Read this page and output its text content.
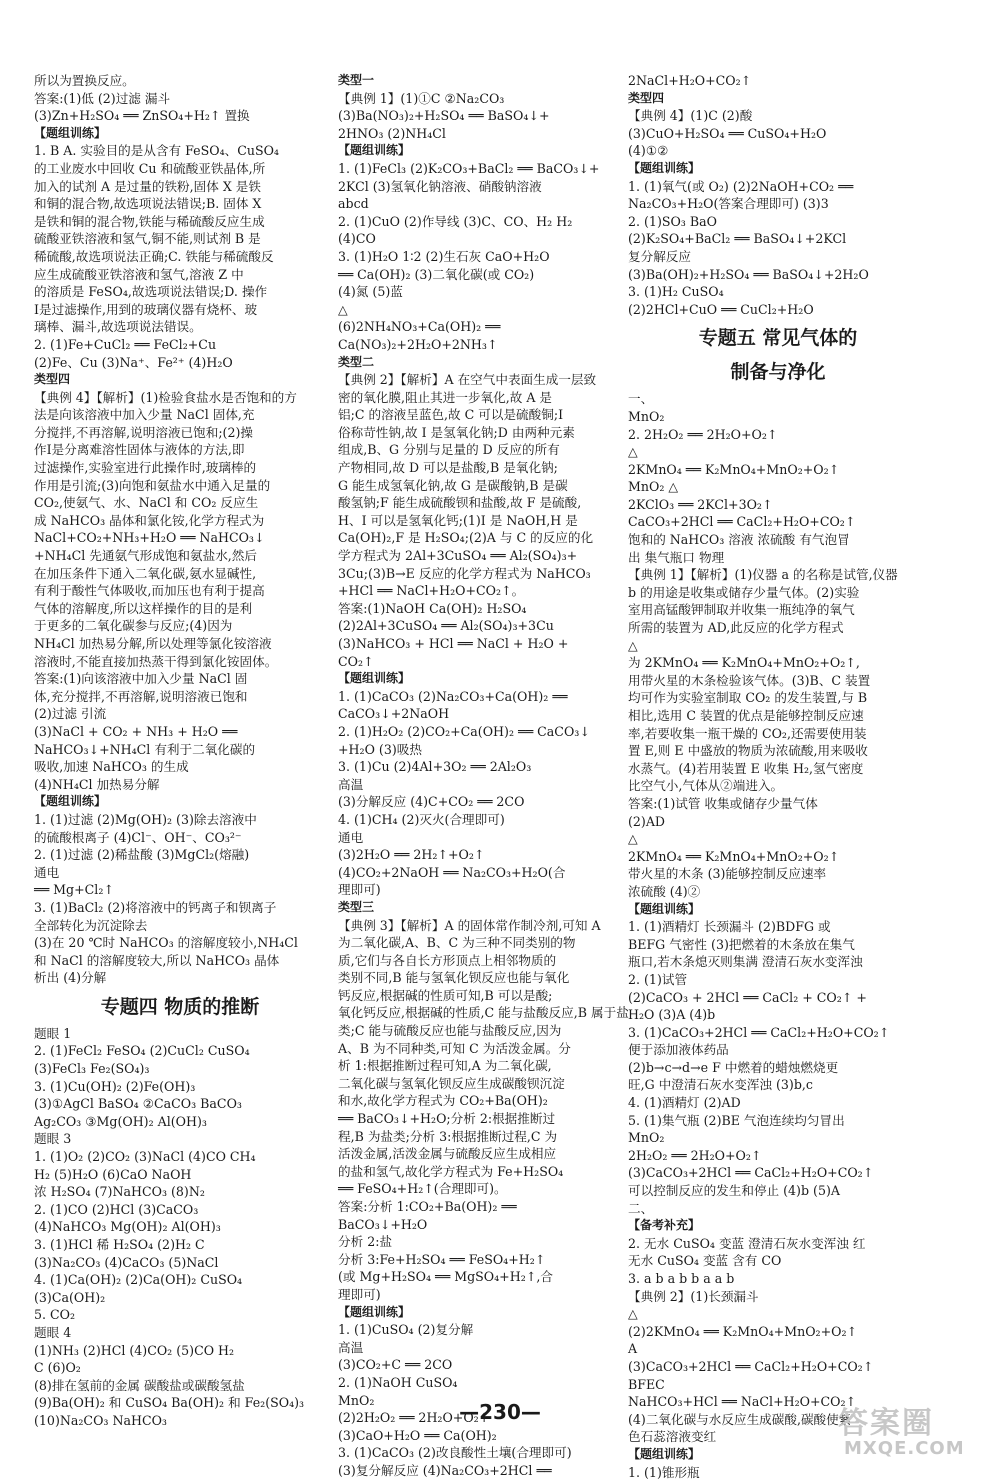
所以为置换反应。
答案:(1)低 (2)过滤 漏斗
(3)Zn+H₂SO₄ ══ ZnSO₄+H₂↑ 置换
【题组训练】
1. B A. 实验目的是从含有 FeSO₄、CuSO₄
的工业废水中回收 Cu 和硫酸亚铁晶体,所
加入的试剂 A 是过量的铁粉,固体 X 是铁
和铜的混合物,故选项说法错误;B. 固体 X
是铁和铜的混合物,铁能与稀硫酸反应生成
硫酸亚铁溶液和氢气,铜不能,则试剂 B 是
稀硫酸,故选项说法正确;C. 铁能与稀硫酸反
应生成硫酸亚铁溶液和氢气,溶液 Z 中
的溶质是 FeSO₄,故选项说法错误;D. 操作
Ⅰ是过滤操作,用到的玻璃仪器有烧杯、玻
璃棒、漏斗,故选项说法错误。
2. (1)Fe+CuCl₂ ══ FeCl₂+Cu
(2)Fe、Cu (3)Na⁺、Fe²⁺ (4)H₂O
类型四
【典例 4】【解析】(1)检验食盐水是否饱和的方
法是向该溶液中加入少量 NaCl 固体,充
分搅拌,不再溶解,说明溶液已饱和;(2)操
作Ⅰ是分离难溶性固体与液体的方法,即
过滤操作,实验室进行此操作时,玻璃棒的
作用是引流;(3)向饱和氨盐水中通入足量的
CO₂,使氨气、水、NaCl 和 CO₂ 反应生
成 NaHCO₃ 晶体和氯化铵,化学方程式为
NaCl+CO₂+NH₃+H₂O ══ NaHCO₃↓
+NH₄Cl 先通氨气形成饱和氨盐水,然后
在加压条件下通入二氧化碳,氨水显碱性,
有利于酸性气体吸收,而加压也有利于提高
气体的溶解度,所以这样操作的目的是利
于更多的二氧化碳参与反应;(4)因为
NH₄Cl 加热易分解,所以处理等氯化铵溶液
溶液时,不能直接加热蒸干得到氯化铵固体。
答案:(1)向该溶液中加入少量 NaCl 固
体,充分搅拌,不再溶解,说明溶液已饱和
(2)过滤 引流
(3)NaCl + CO₂ + NH₃ + H₂O ══
NaHCO₃↓+NH₄Cl 有利于二氧化碳的
吸收,加速 NaHCO₃ 的生成
(4)NH₄Cl 加热易分解
【题组训练】
1. (1)过滤 (2)Mg(OH)₂ (3)除去溶液中
的硫酸根离子 (4)Cl⁻、OH⁻、CO₃²⁻
2. (1)过滤 (2)稀盐酸 (3)MgCl₂(熔融)
通电
══ Mg+Cl₂↑
3. (1)BaCl₂ (2)将溶液中的钙离子和钡离子
全部转化为沉淀除去
(3)在 20 ℃时 NaHCO₃ 的溶解度较小,NH₄Cl
和 NaCl 的溶解度较大,所以 NaHCO₃ 晶体
析出 (4)分解
专题四 物质的推断
题眼 1
2. (1)FeCl₂ FeSO₄ (2)CuCl₂ CuSO₄
(3)FeCl₃ Fe₂(SO₄)₃
3. (1)Cu(OH)₂ (2)Fe(OH)₃
(3)①AgCl BaSO₄ ②CaCO₃ BaCO₃
Ag₂CO₃ ③Mg(OH)₂ Al(OH)₃
题眼 3
1. (1)O₂ (2)CO₂ (3)NaCl (4)CO CH₄
H₂ (5)H₂O (6)CaO NaOH
浓 H₂SO₄ (7)NaHCO₃ (8)N₂
2. (1)CO (2)HCl (3)CaCO₃
(4)NaHCO₃ Mg(OH)₂ Al(OH)₃
3. (1)HCl 稀 H₂SO₄ (2)H₂ C
(3)Na₂CO₃ (4)CaCO₃ (5)NaCl
4. (1)Ca(OH)₂ (2)Ca(OH)₂ CuSO₄
(3)Ca(OH)₂
5. CO₂
题眼 4
(1)NH₃ (2)HCl (4)CO₂ (5)CO H₂
C (6)O₂
(8)排在氢前的金属 碳酸盐或碳酸氢盐
(9)Ba(OH)₂ 和 CuSO₄ Ba(OH)₂ 和 Fe₂(SO₄)₃
(10)Na₂CO₃ NaHCO₃
类型一
【典例 1】(1)①C ②Na₂CO₃
(3)Ba(NO₃)₂+H₂SO₄ ══ BaSO₄↓+
2HNO₃ (2)NH₄Cl
【题组训练】
1. (1)FeCl₃ (2)K₂CO₃+BaCl₂ ══ BaCO₃↓+
2KCl (3)氢氧化钠溶液、硝酸钠溶液
abcd
2. (1)CuO (2)作导线 (3)C、CO、H₂ H₂
(4)CO
3. (1)H₂O 1∶2 (2)生石灰 CaO+H₂O
══ Ca(OH)₂ (3)二氧化碳(或 CO₂)
(4)氮 (5)蓝
△
(6)2NH₄NO₃+Ca(OH)₂ ══
Ca(NO₃)₂+2H₂O+2NH₃↑
类型二
【典例 2】【解析】A 在空气中表面生成一层致
密的氧化膜,阻止其进一步氧化,故 A 是
铝;C 的溶液呈蓝色,故 C 可以是硫酸铜;I
俗称苛性钠,故 I 是氢氧化钠;D 由两种元素
组成,B、G 分别与足量的 D 反应的所有
产物相同,故 D 可以是盐酸,B 是氧化钠;
G 能生成氢氧化钠,故 G 是碳酸钠,B 是碳
酸氢钠;F 能生成硫酸钡和盐酸,故 F 是硫酸,
H、I 可以是氢氧化钙;(1)I 是 NaOH,H 是
Ca(OH)₂,F 是 H₂SO₄;(2)A 与 C 的反应的化
学方程式为 2Al+3CuSO₄ ══ Al₂(SO₄)₃+
3Cu;(3)B→E 反应的化学方程式为 NaHCO₃
+HCl ══ NaCl+H₂O+CO₂↑。
答案:(1)NaOH Ca(OH)₂ H₂SO₄
(2)2Al+3CuSO₄ ══ Al₂(SO₄)₃+3Cu
(3)NaHCO₃ + HCl ══ NaCl + H₂O +
CO₂↑
【题组训练】
1. (1)CaCO₃ (2)Na₂CO₃+Ca(OH)₂ ══
CaCO₃↓+2NaOH
2. (1)H₂O₂ (2)CO₂+Ca(OH)₂ ══ CaCO₃↓
+H₂O (3)吸热
3. (1)Cu (2)4Al+3O₂ ══ 2Al₂O₃
高温
(3)分解反应 (4)C+CO₂ ══ 2CO
4. (1)CH₄ (2)灭火(合理即可)
通电
(3)2H₂O ══ 2H₂↑+O₂↑
(4)CO₂+2NaOH ══ Na₂CO₃+H₂O(合
理即可)
类型三
【典例 3】【解析】A 的固体常作制冷剂,可知 A
为二氧化碳,A、B、C 为三种不同类别的物
质,它们与各自长方形顶点上相邻物质的
类别不同,B 能与氢氧化钡反应也能与氧化
钙反应,根据碱的性质可知,B 可以是酸;
氧化钙反应,根据碱的性质,C 能与盐酸反应,B 属于盐
类;C 能与硫酸反应也能与盐酸反应,因为
A、B 为不同种类,可知 C 为活泼金属。分
析 1:根据推断过程可知,A 为二氧化碳,
二氧化碳与氢氧化钡反应生成碳酸钡沉淀
和水,故化学方程式为 CO₂+Ba(OH)₂
══ BaCO₃↓+H₂O;分析 2:根据推断过
程,B 为盐类;分析 3:根据推断过程,C 为
活泼金属,活泼金属与硫酸反应生成相应
的盐和氢气,故化学方程式为 Fe+H₂SO₄
══ FeSO₄+H₂↑(合理即可)。
答案:分析 1:CO₂+Ba(OH)₂ ══
BaCO₃↓+H₂O
分析 2:盐
分析 3:Fe+H₂SO₄ ══ FeSO₄+H₂↑
(或 Mg+H₂SO₄ ══ MgSO₄+H₂↑,合
理即可)
【题组训练】
1. (1)CuSO₄ (2)复分解
高温
(3)CO₂+C ══ 2CO
2. (1)NaOH CuSO₄
MnO₂
(2)2H₂O₂ ══ 2H₂O+O₂↑
(3)CaO+H₂O ══ Ca(OH)₂
3. (1)CaCO₃ (2)改良酸性土壤(合理即可)
(3)复分解反应 (4)Na₂CO₃+2HCl ══
2NaCl+H₂O+CO₂↑
类型四
【典例 4】(1)C (2)酸
(3)CuO+H₂SO₄ ══ CuSO₄+H₂O
(4)①②
【题组训练】
1. (1)氧气(或 O₂) (2)2NaOH+CO₂ ══
Na₂CO₃+H₂O(答案合理即可) (3)3
2. (1)SO₃ BaO
(2)K₂SO₄+BaCl₂ ══ BaSO₄↓+2KCl
复分解反应
(3)Ba(OH)₂+H₂SO₄ ══ BaSO₄↓+2H₂O
3. (1)H₂ CuSO₄
(2)2HCl+CuO ══ CuCl₂+H₂O
专题五 常见气体的
制备与净化
一、
MnO₂
2. 2H₂O₂ ══ 2H₂O+O₂↑
△
2KMnO₄ ══ K₂MnO₄+MnO₂+O₂↑
MnO₂ △
2KClO₃ ══ 2KCl+3O₂↑
CaCO₃+2HCl ══ CaCl₂+H₂O+CO₂↑
饱和的 NaHCO₃ 溶液 浓硫酸 有气泡冒
出 集气瓶口 物理
【典例 1】【解析】(1)仪器 a 的名称是试管,仪器
b 的用途是收集或储存少量气体。(2)实验
室用高锰酸钾制取并收集一瓶纯净的氧气
所需的装置为 AD,此反应的化学方程式
△
为 2KMnO₄ ══ K₂MnO₄+MnO₂+O₂↑,
用带火星的木条检验该气体。(3)B、C 装置
均可作为实验室制取 CO₂ 的发生装置,与 B
相比,选用 C 装置的优点是能够控制反应速
率,若要收集一瓶干燥的 CO₂,还需要使用装
置 E,则 E 中盛放的物质为浓硫酸,用来吸收
水蒸气。(4)若用装置 E 收集 H₂,氢气密度
比空气小,气体从②端进入。
答案:(1)试管 收集或储存少量气体
(2)AD
△
2KMnO₄ ══ K₂MnO₄+MnO₂+O₂↑
带火星的木条 (3)能够控制反应速率
浓硫酸 (4)②
【题组训练】
1. (1)酒精灯 长颈漏斗 (2)BDFG 或
BEFG 气密性 (3)把燃着的木条放在集气
瓶口,若木条熄灭则集满 澄清石灰水变浑浊
2. (1)试管
(2)CaCO₃ + 2HCl ══ CaCl₂ + CO₂↑ +
H₂O (3)A (4)b
3. (1)CaCO₃+2HCl ══ CaCl₂+H₂O+CO₂↑
便于添加液体药品
(2)b→c→d→e F 中燃着的蜡烛燃烧更
旺,G 中澄清石灰水变浑浊 (3)b,c
4. (1)酒精灯 (2)AD
5. (1)集气瓶 (2)BE 气泡连续均匀冒出
MnO₂
2H₂O₂ ══ 2H₂O+O₂↑
(3)CaCO₃+2HCl ══ CaCl₂+H₂O+CO₂↑
可以控制反应的发生和停止 (4)b (5)A
二、
【备考补充】
2. 无水 CuSO₄ 变蓝 澄清石灰水变浑浊 红
无水 CuSO₄ 变蓝 含有 CO
3. a b a b b a a b
【典例 2】(1)长颈漏斗
△
(2)2KMnO₄ ══ K₂MnO₄+MnO₂+O₂↑
A
(3)CaCO₃+2HCl ══ CaCl₂+H₂O+CO₂↑
BFEC
NaHCO₃+HCl ══ NaCl+H₂O+CO₂↑
(4)二氧化碳与水反应生成碳酸,碳酸使紫
色石蕊溶液变红
【题组训练】
1. (1)锥形瓶
—230—	答案圈
MXQE.COM
